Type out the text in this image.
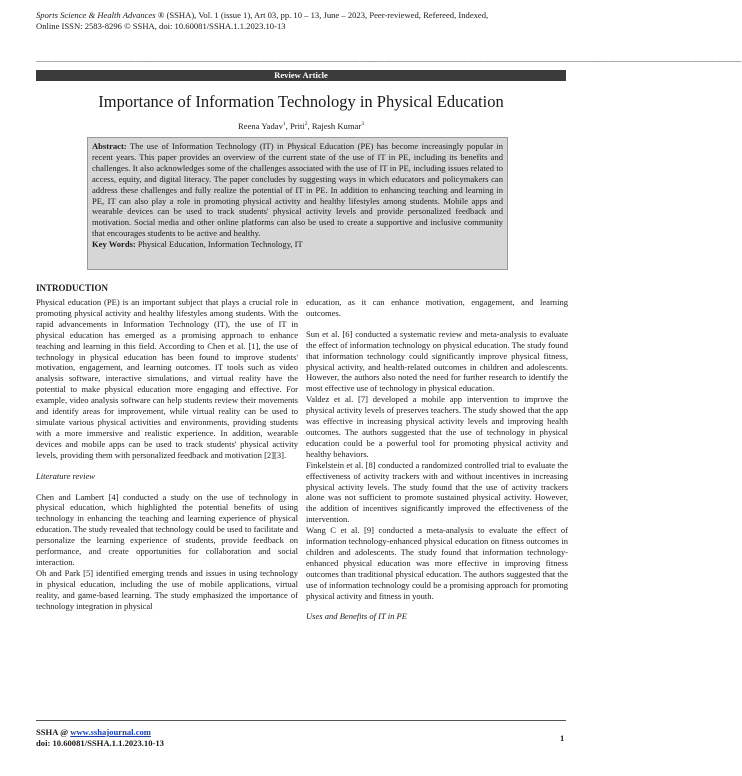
Sports Science & Health Advances ® (SSHA), Vol. 1 (issue 1), Art 03, pp. 10 – 13, June – 2023, Peer-reviewed, Refereed, Indexed,
Online ISSN: 2583-8296 © SSHA, doi: 10.60081/SSHA.1.1.2023.10-13
—————————————————————————————————————————————————————————————————————————————————————
Review Article
Importance of Information Technology in Physical Education
Reena Yadav$^1$, Priti$^2$, Rajesh Kumar$^3$
Abstract: The use of Information Technology (IT) in Physical Education (PE) has become increasingly popular in recent years. This paper provides an overview of the current state of the use of IT in PE, including its benefits and challenges. It also acknowledges some of the challenges associated with the use of IT in PE, including issues related to access, equity, and digital literacy. The paper concludes by suggesting ways in which educators and policymakers can address these challenges and fully realize the potential of IT in PE. In addition to enhancing teaching and learning in PE, IT can also play a role in promoting physical activity and healthy lifestyles among students. Mobile apps and wearable devices can be used to track students' physical activity levels and provide personalized feedback and motivation. Social media and other online platforms can also be used to create a supportive and inclusive community that encourages students to be active and healthy.
Key Words: Physical Education, Information Technology, IT
INTRODUCTION

Physical education (PE) is an important subject that plays a crucial role in promoting physical activity and healthy lifestyles among students. With the rapid advancements in Information Technology (IT), the use of IT in physical education has emerged as a promising approach to enhance teaching and learning in this field. According to Chen et al. [1], the use of technology in physical education has been found to improve students' motivation, engagement, and learning outcomes. IT tools such as video analysis software, interactive simulations, and virtual reality have the potential to make physical education more engaging and effective. For example, video analysis software can help students review their movements and identify areas for improvement, while virtual reality can be used to simulate various physical activities and environments, providing students with a more immersive and realistic experience. In addition, wearable devices and mobile apps can be used to track students' physical activity levels, providing them with personalized feedback and motivation [2][3].

Literature review

Chen and Lambert [4] conducted a study on the use of technology in physical education, which highlighted the potential benefits of using technology in enhancing the teaching and learning experience of physical education. The study revealed that technology could be used to facilitate and personalize the learning experience of students, provide feedback on performance, and create opportunities for collaboration and social interaction.

Oh and Park [5] identified emerging trends and issues in using technology in physical education, including the use of mobile applications, virtual reality, and game-based learning. The study emphasized the importance of technology integration in physical

education, as it can enhance motivation, engagement, and learning outcomes.

Sun et al. [6] conducted a systematic review and meta-analysis to evaluate the effect of information technology on physical education. The study found that information technology could significantly improve physical fitness, physical activity, and health-related outcomes in children and adolescents. However, the authors also noted the need for further research to identify the most effective use of technology in physical education.

Valdez et al. [7] developed a mobile app intervention to improve the physical activity levels of preserves teachers. The study showed that the app was effective in increasing physical activity levels and improving health outcomes. The authors suggested that the use of technology in physical education could be a powerful tool for promoting physical activity and healthy behaviors.

Finkelstein et al. [8] conducted a randomized controlled trial to evaluate the effectiveness of activity trackers with and without incentives in increasing physical activity levels. The study found that the use of activity trackers alone was not sufficient to promote sustained physical activity. However, the addition of incentives significantly improved the effectiveness of the intervention.

Wang C et al. [9] conducted a meta-analysis to evaluate the effect of information technology-enhanced physical education on fitness outcomes in children and adolescents. The study found that information technology-enhanced physical education was more effective in improving fitness outcomes than traditional physical education. The authors suggested that the use of information technology could be a promising approach for promoting physical activity and fitness in youth.

Uses and Benefits of IT in PE

SSHA @ www.sshajournal.com
doi: 10.60081/SSHA.1.1.2023.10-13	1
